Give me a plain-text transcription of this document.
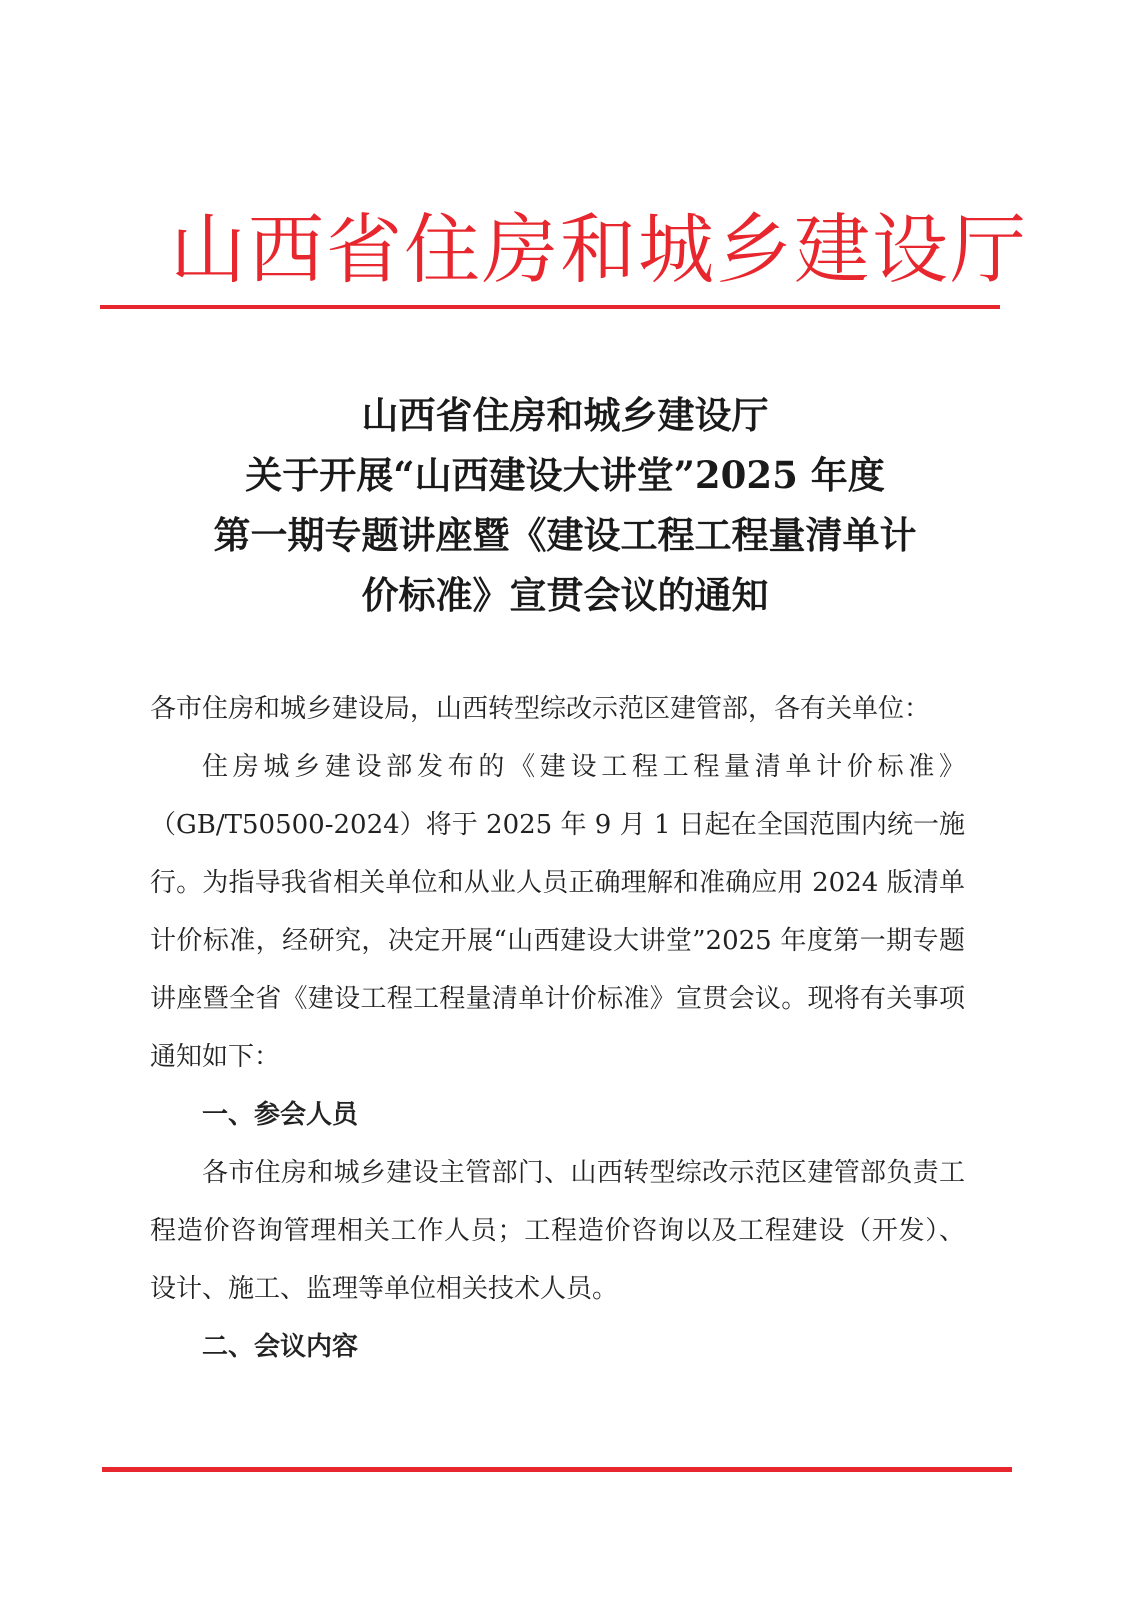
山西省住房和城乡建设厅
山西省住房和城乡建设厅
关于开展“山西建设大讲堂”2025 年度
第一期专题讲座暨《建设工程工程量清单计
价标准》宣贯会议的通知

各市住房和城乡建设局，山西转型综改示范区建管部，各有关单位：

住房城乡建设部发布的《建设工程工程量清单计价标准》（GB/T50500-2024）将于 2025 年 9 月 1 日起在全国范围内统一施行。为指导我省相关单位和从业人员正确理解和准确应用 2024 版清单计价标准，经研究，决定开展“山西建设大讲堂”2025 年度第一期专题讲座暨全省《建设工程工程量清单计价标准》宣贯会议。现将有关事项通知如下：

一、参会人员

各市住房和城乡建设主管部门、山西转型综改示范区建管部负责工程造价咨询管理相关工作人员；工程造价咨询以及工程建设（开发）、设计、施工、监理等单位相关技术人员。

二、会议内容
